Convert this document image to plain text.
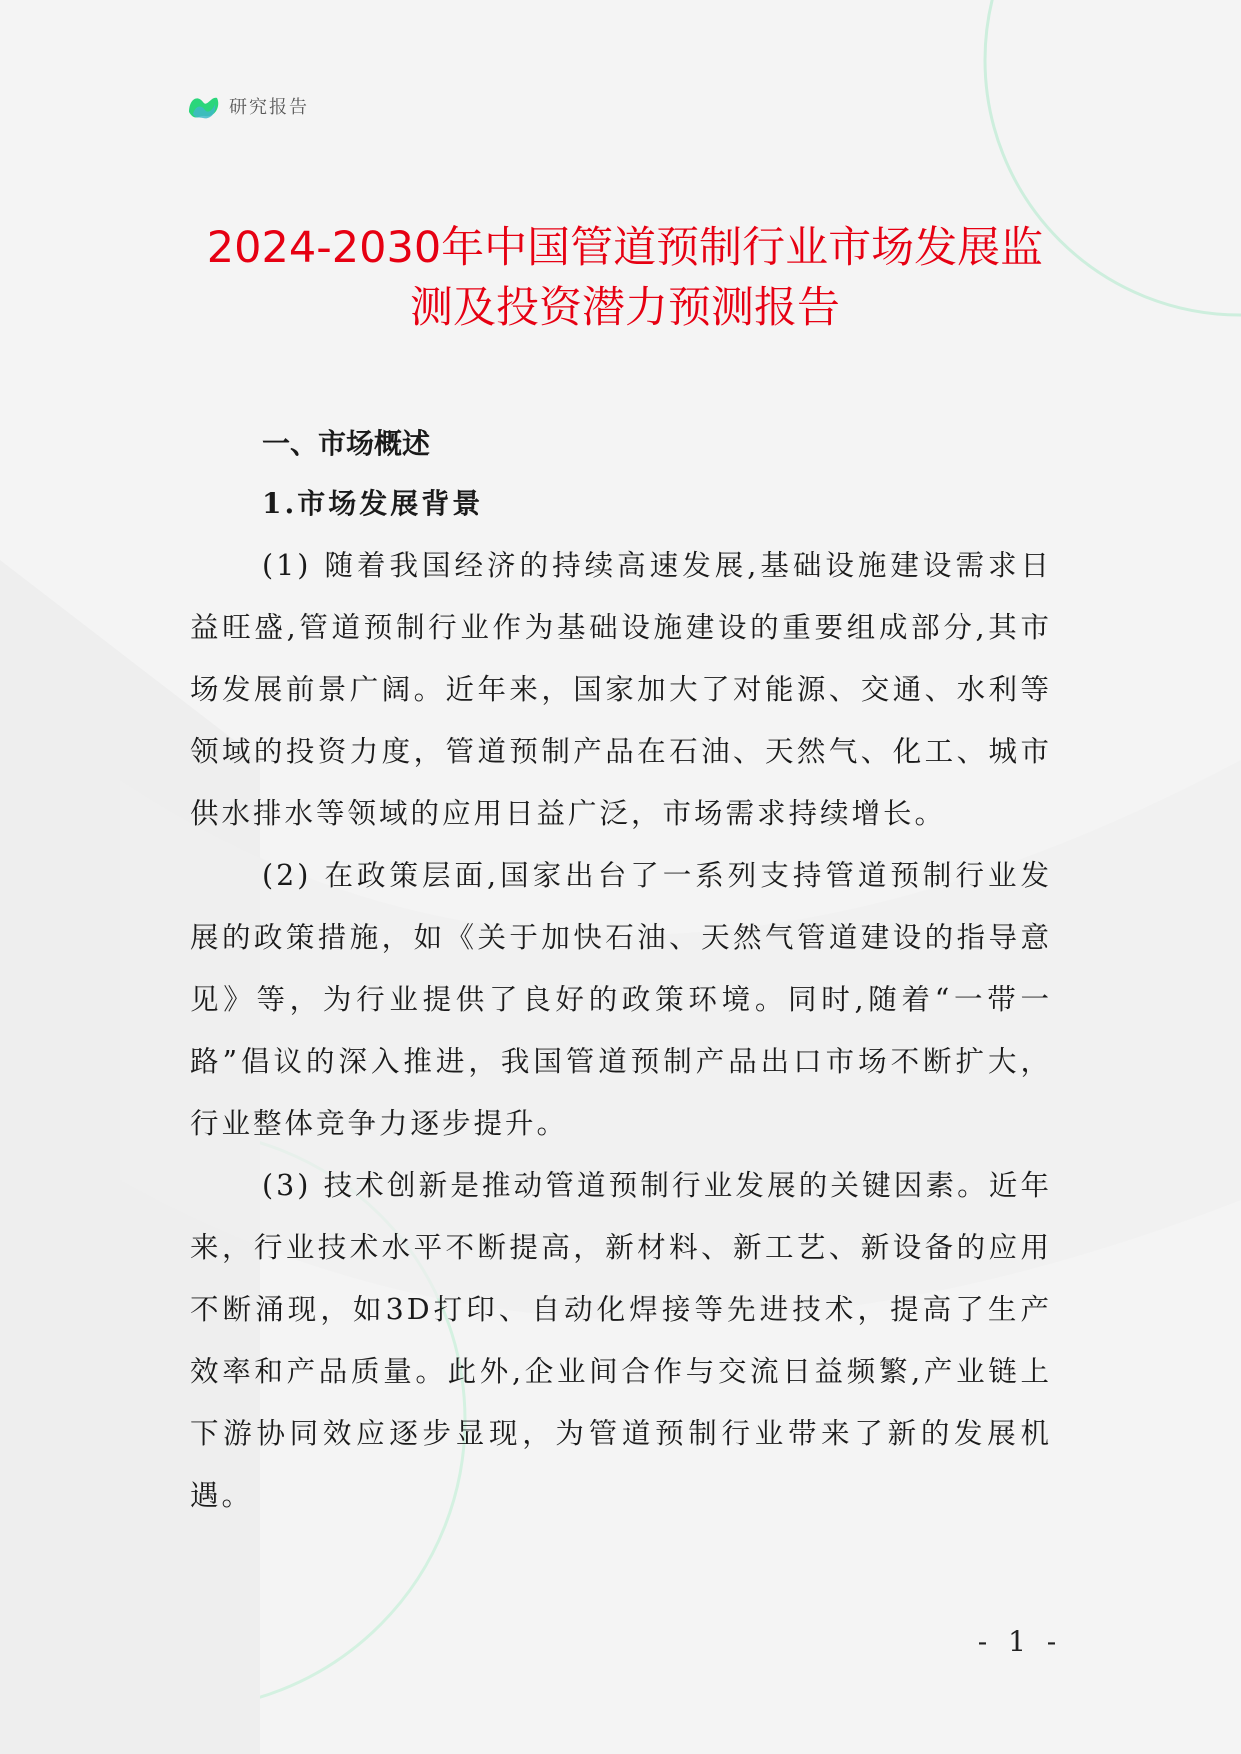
研究报告
2024-2030年中国管道预制行业市场发展监
测及投资潜力预测报告
一、市场概述
1.市场发展背景

(1) 随着我国经济的持续高速发展,基础设施建设需求日益旺盛,管道预制行业作为基础设施建设的重要组成部分,其市场发展前景广阔。近年来，国家加大了对能源、交通、水利等领域的投资力度，管道预制产品在石油、天然气、化工、城市供水排水等领域的应用日益广泛，市场需求持续增长。

(2) 在政策层面,国家出台了一系列支持管道预制行业发展的政策措施，如《关于加快石油、天然气管道建设的指导意见》等，为行业提供了良好的政策环境。同时,随着“一带一路”倡议的深入推进，我国管道预制产品出口市场不断扩大，行业整体竞争力逐步提升。

(3) 技术创新是推动管道预制行业发展的关键因素。近年来，行业技术水平不断提高，新材料、新工艺、新设备的应用不断涌现，如3D打印、自动化焊接等先进技术，提高了生产效率和产品质量。此外,企业间合作与交流日益频繁,产业链上下游协同效应逐步显现，为管道预制行业带来了新的发展机遇。

- 1 -
